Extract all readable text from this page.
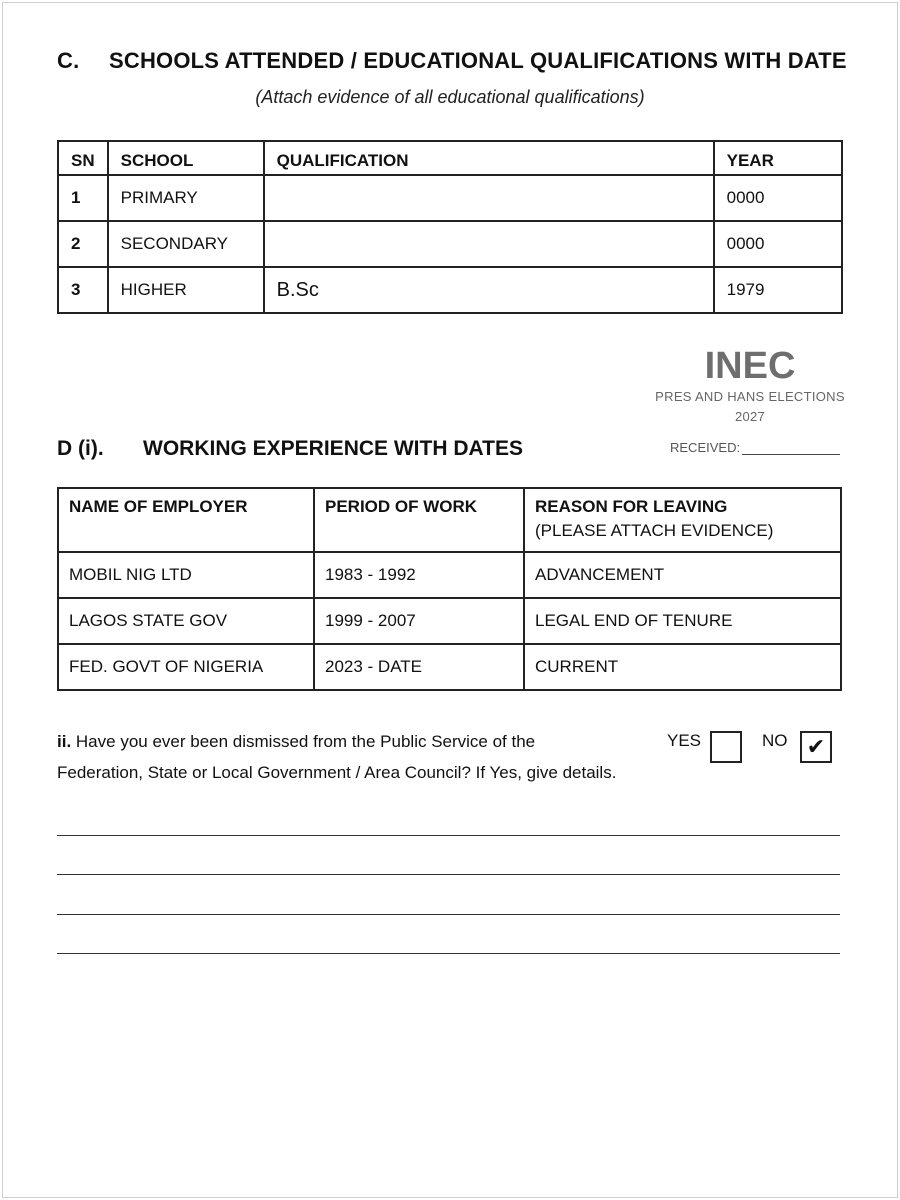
C. SCHOOLS ATTENDED / EDUCATIONAL QUALIFICATIONS WITH DATE
(Attach evidence of all educational qualifications)
SN	SCHOOL	QUALIFICATION	YEAR
1	PRIMARY		0000
2	SECONDARY		0000
3	HIGHER	B.Sc	1979
INEC
PRES AND HANS ELECTIONS
2027
RECEIVED:
D (i). WORKING EXPERIENCE WITH DATES
NAME OF EMPLOYER	PERIOD OF WORK	REASON FOR LEAVING
(PLEASE ATTACH EVIDENCE)

MOBIL NIG LTD	1983 - 1992	ADVANCEMENT
LAGOS STATE GOV	1999 - 2007	LEGAL END OF TENURE
FED. GOVT OF NIGERIA	2023 - DATE	CURRENT
ii. Have you ever been dismissed from the Public Service of the Federation, State or Local Government / Area Council? If Yes, give details.
YES	NO ✔
